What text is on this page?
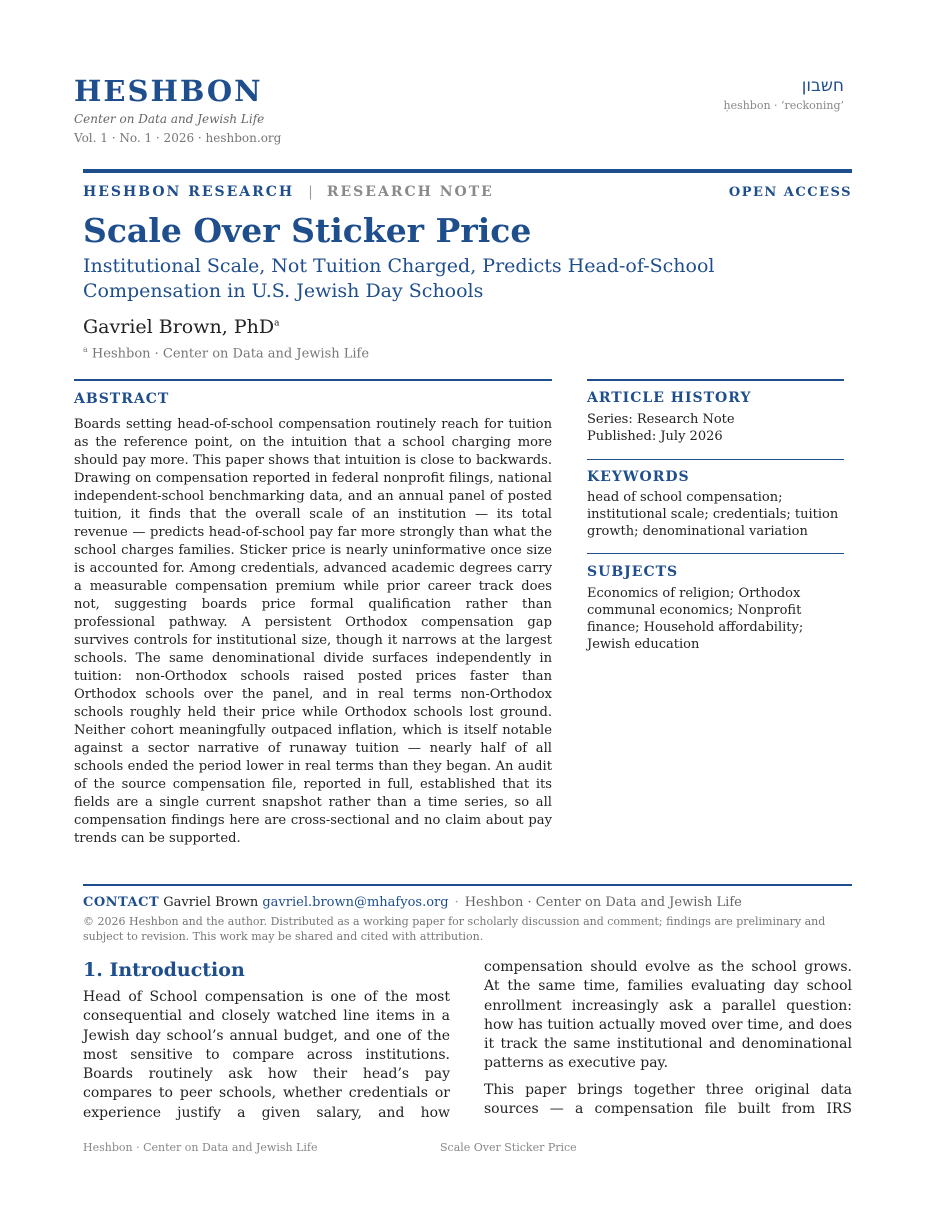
HESHBON
Center on Data and Jewish Life
Vol. 1 · No. 1 · 2026 · heshbon.org
חשבון
ḥeshbon · ‘reckoning’
HESHBON RESEARCH | RESEARCH NOTE	OPEN ACCESS
Scale Over Sticker Price
Institutional Scale, Not Tuition Charged, Predicts Head-of-School Compensation in U.S. Jewish Day Schools
Gavriel Brown, PhD$^a$
$^a$ Heshbon · Center on Data and Jewish Life
ABSTRACT
Boards setting head-of-school compensation routinely reach for tuition as the reference point, on the intuition that a school charging more should pay more. This paper shows that intuition is close to backwards. Drawing on compensation reported in federal nonprofit filings, national independent-school benchmarking data, and an annual panel of posted tuition, it finds that the overall scale of an institution — its total revenue — predicts head-of-school pay far more strongly than what the school charges families. Sticker price is nearly uninformative once size is accounted for. Among credentials, advanced academic degrees carry a measurable compensation premium while prior career track does not, suggesting boards price formal qualification rather than professional pathway. A persistent Orthodox compensation gap survives controls for institutional size, though it narrows at the largest schools. The same denominational divide surfaces independently in tuition: non-Orthodox schools raised posted prices faster than Orthodox schools over the panel, and in real terms non-Orthodox schools roughly held their price while Orthodox schools lost ground. Neither cohort meaningfully outpaced inflation, which is itself notable against a sector narrative of runaway tuition — nearly half of all schools ended the period lower in real terms than they began. An audit of the source compensation file, reported in full, established that its fields are a single current snapshot rather than a time series, so all compensation findings here are cross-sectional and no claim about pay trends can be supported.
ARTICLE HISTORY
Series: Research Note
Published: July 2026
KEYWORDS
head of school compensation; institutional scale; credentials; tuition growth; denominational variation
SUBJECTS
Economics of religion; Orthodox communal economics; Nonprofit finance; Household affordability; Jewish education
CONTACT Gavriel Brown gavriel.brown@mhafyos.org · Heshbon · Center on Data and Jewish Life
© 2026 Heshbon and the author. Distributed as a working paper for scholarly discussion and comment; findings are preliminary and subject to revision. This work may be shared and cited with attribution.
1. Introduction
Head of School compensation is one of the most consequential and closely watched line items in a Jewish day school’s annual budget, and one of the most sensitive to compare across institutions. Boards routinely ask how their head’s pay compares to peer schools, whether credentials or experience justify a given salary, and how

compensation should evolve as the school grows. At the same time, families evaluating day school enrollment increasingly ask a parallel question: how has tuition actually moved over time, and does it track the same institutional and denominational patterns as executive pay.

This paper brings together three original data sources — a compensation file built from IRS

Heshbon · Center on Data and Jewish Life	Scale Over Sticker Price
